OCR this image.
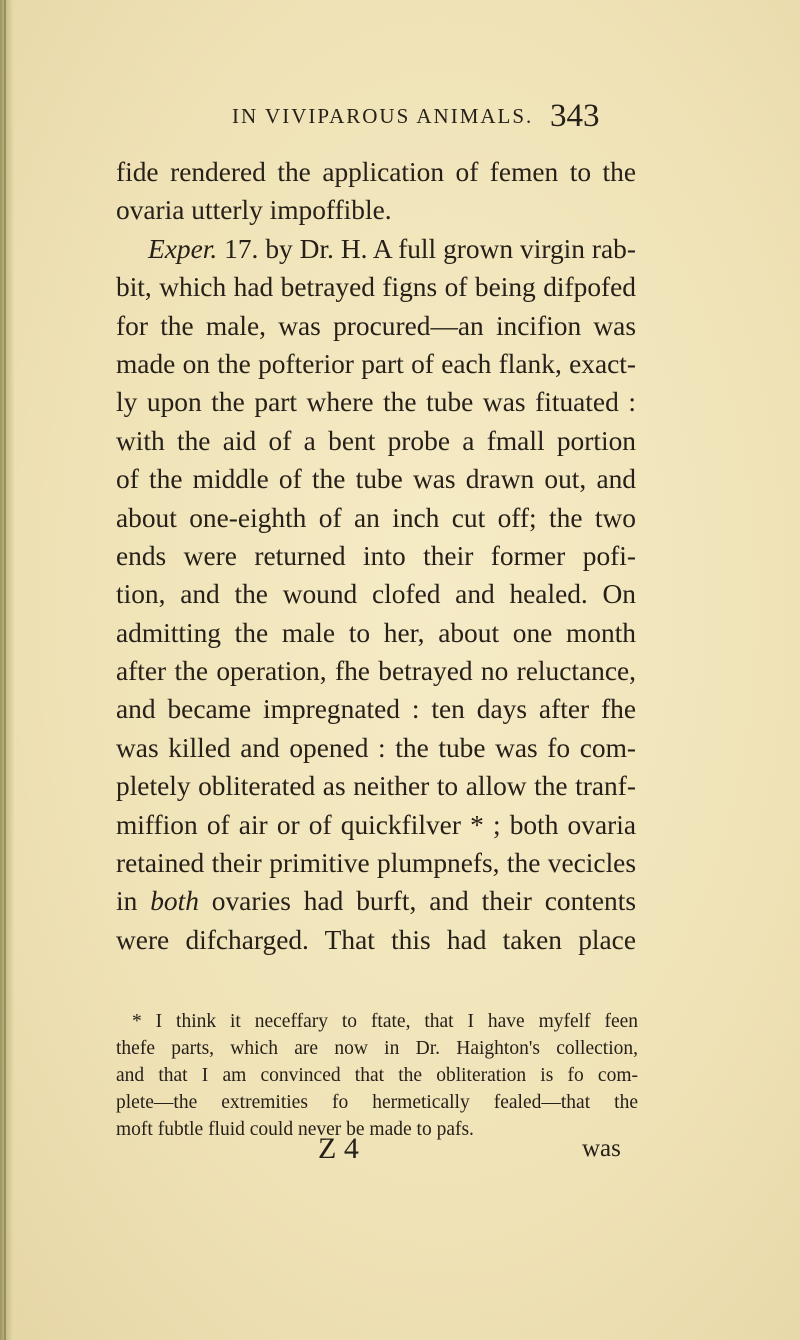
IN VIVIPAROUS ANIMALS. 343
fide rendered the application of femen to the
ovaria utterly impoffible.
Exper. 17. by Dr. H. A full grown virgin rab-
bit, which had betrayed figns of being difpofed
for the male, was procured—an incifion was
made on the pofterior part of each flank, exact-
ly upon the part where the tube was fituated :
with the aid of a bent probe a fmall portion
of the middle of the tube was drawn out, and
about one-eighth of an inch cut off; the two
ends were returned into their former pofi-
tion, and the wound clofed and healed. On
admitting the male to her, about one month
after the operation, fhe betrayed no reluctance,
and became impregnated : ten days after fhe
was killed and opened : the tube was fo com-
pletely obliterated as neither to allow the tranf-
miffion of air or of quickfilver * ; both ovaria
retained their primitive plumpnefs, the vecicles
in both ovaries had burft, and their contents
were difcharged. That this had taken place
* I think it neceffary to ftate, that I have myfelf feen
thefe parts, which are now in Dr. Haighton's collection,
and that I am convinced that the obliteration is fo com-
plete—the extremities fo hermetically fealed—that the
moft fubtle fluid could never be made to pafs.
Z 4	was
